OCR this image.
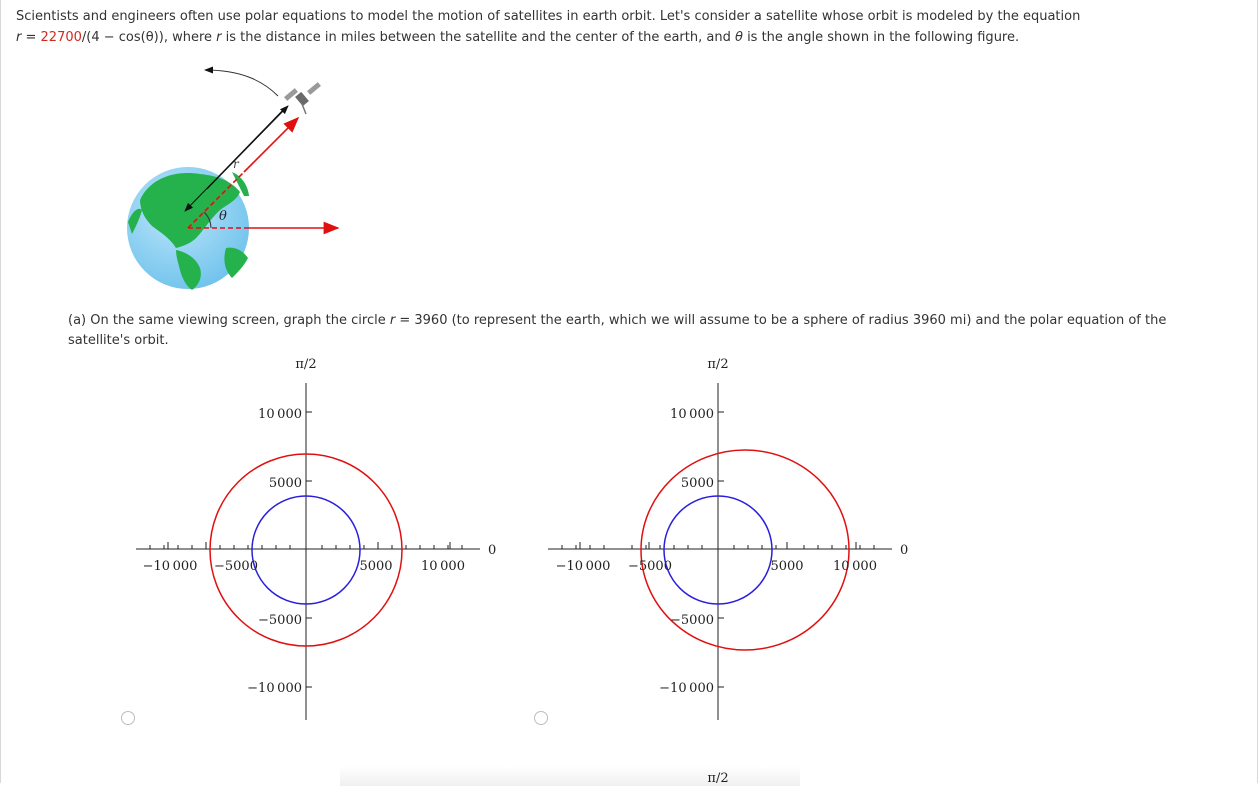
Scientists and engineers often use polar equations to model the motion of satellites in earth orbit. Let's consider a satellite whose orbit is modeled by the equation
r = 22700/(4 − cos(θ)), where r is the distance in miles between the satellite and the center of the earth, and θ is the angle shown in the following figure.
θ
r
(a) On the same viewing screen, graph the circle r = 3960 (to represent the earth, which we will assume to be a sphere of radius 3960 mi) and the polar equation of the satellite's orbit.
π/2
0
10 000
5000
−5000
−10 000
−10 000 −5000	5000 10 000
π/2
0
10 000
5000
−5000
−10 000
−10 000 −5000	5000 10 000
π/2
